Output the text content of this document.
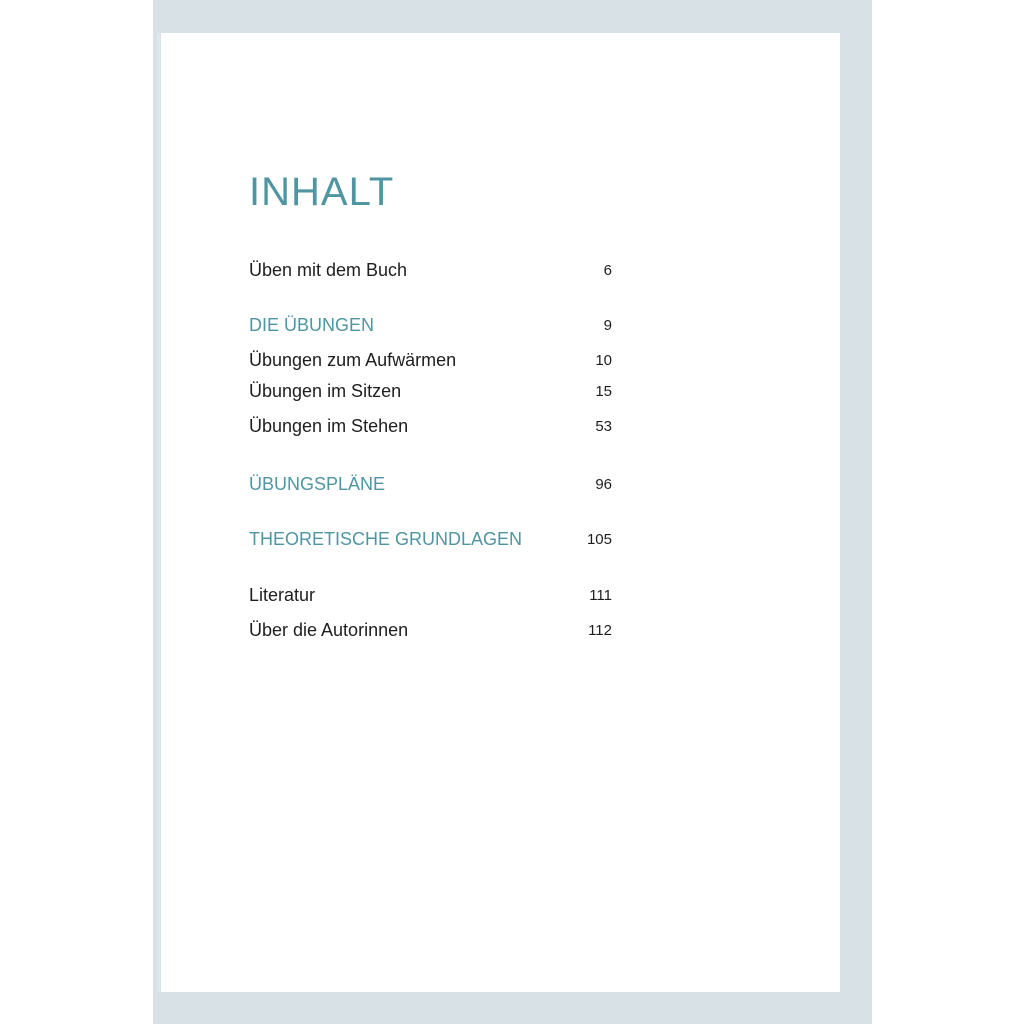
INHALT
Üben mit dem Buch	6
DIE ÜBUNGEN	9
Übungen zum Aufwärmen	10
Übungen im Sitzen	15
Übungen im Stehen	53
ÜBUNGSPLÄNE	96
THEORETISCHE GRUNDLAGEN	105
Literatur	111
Über die Autorinnen	112
